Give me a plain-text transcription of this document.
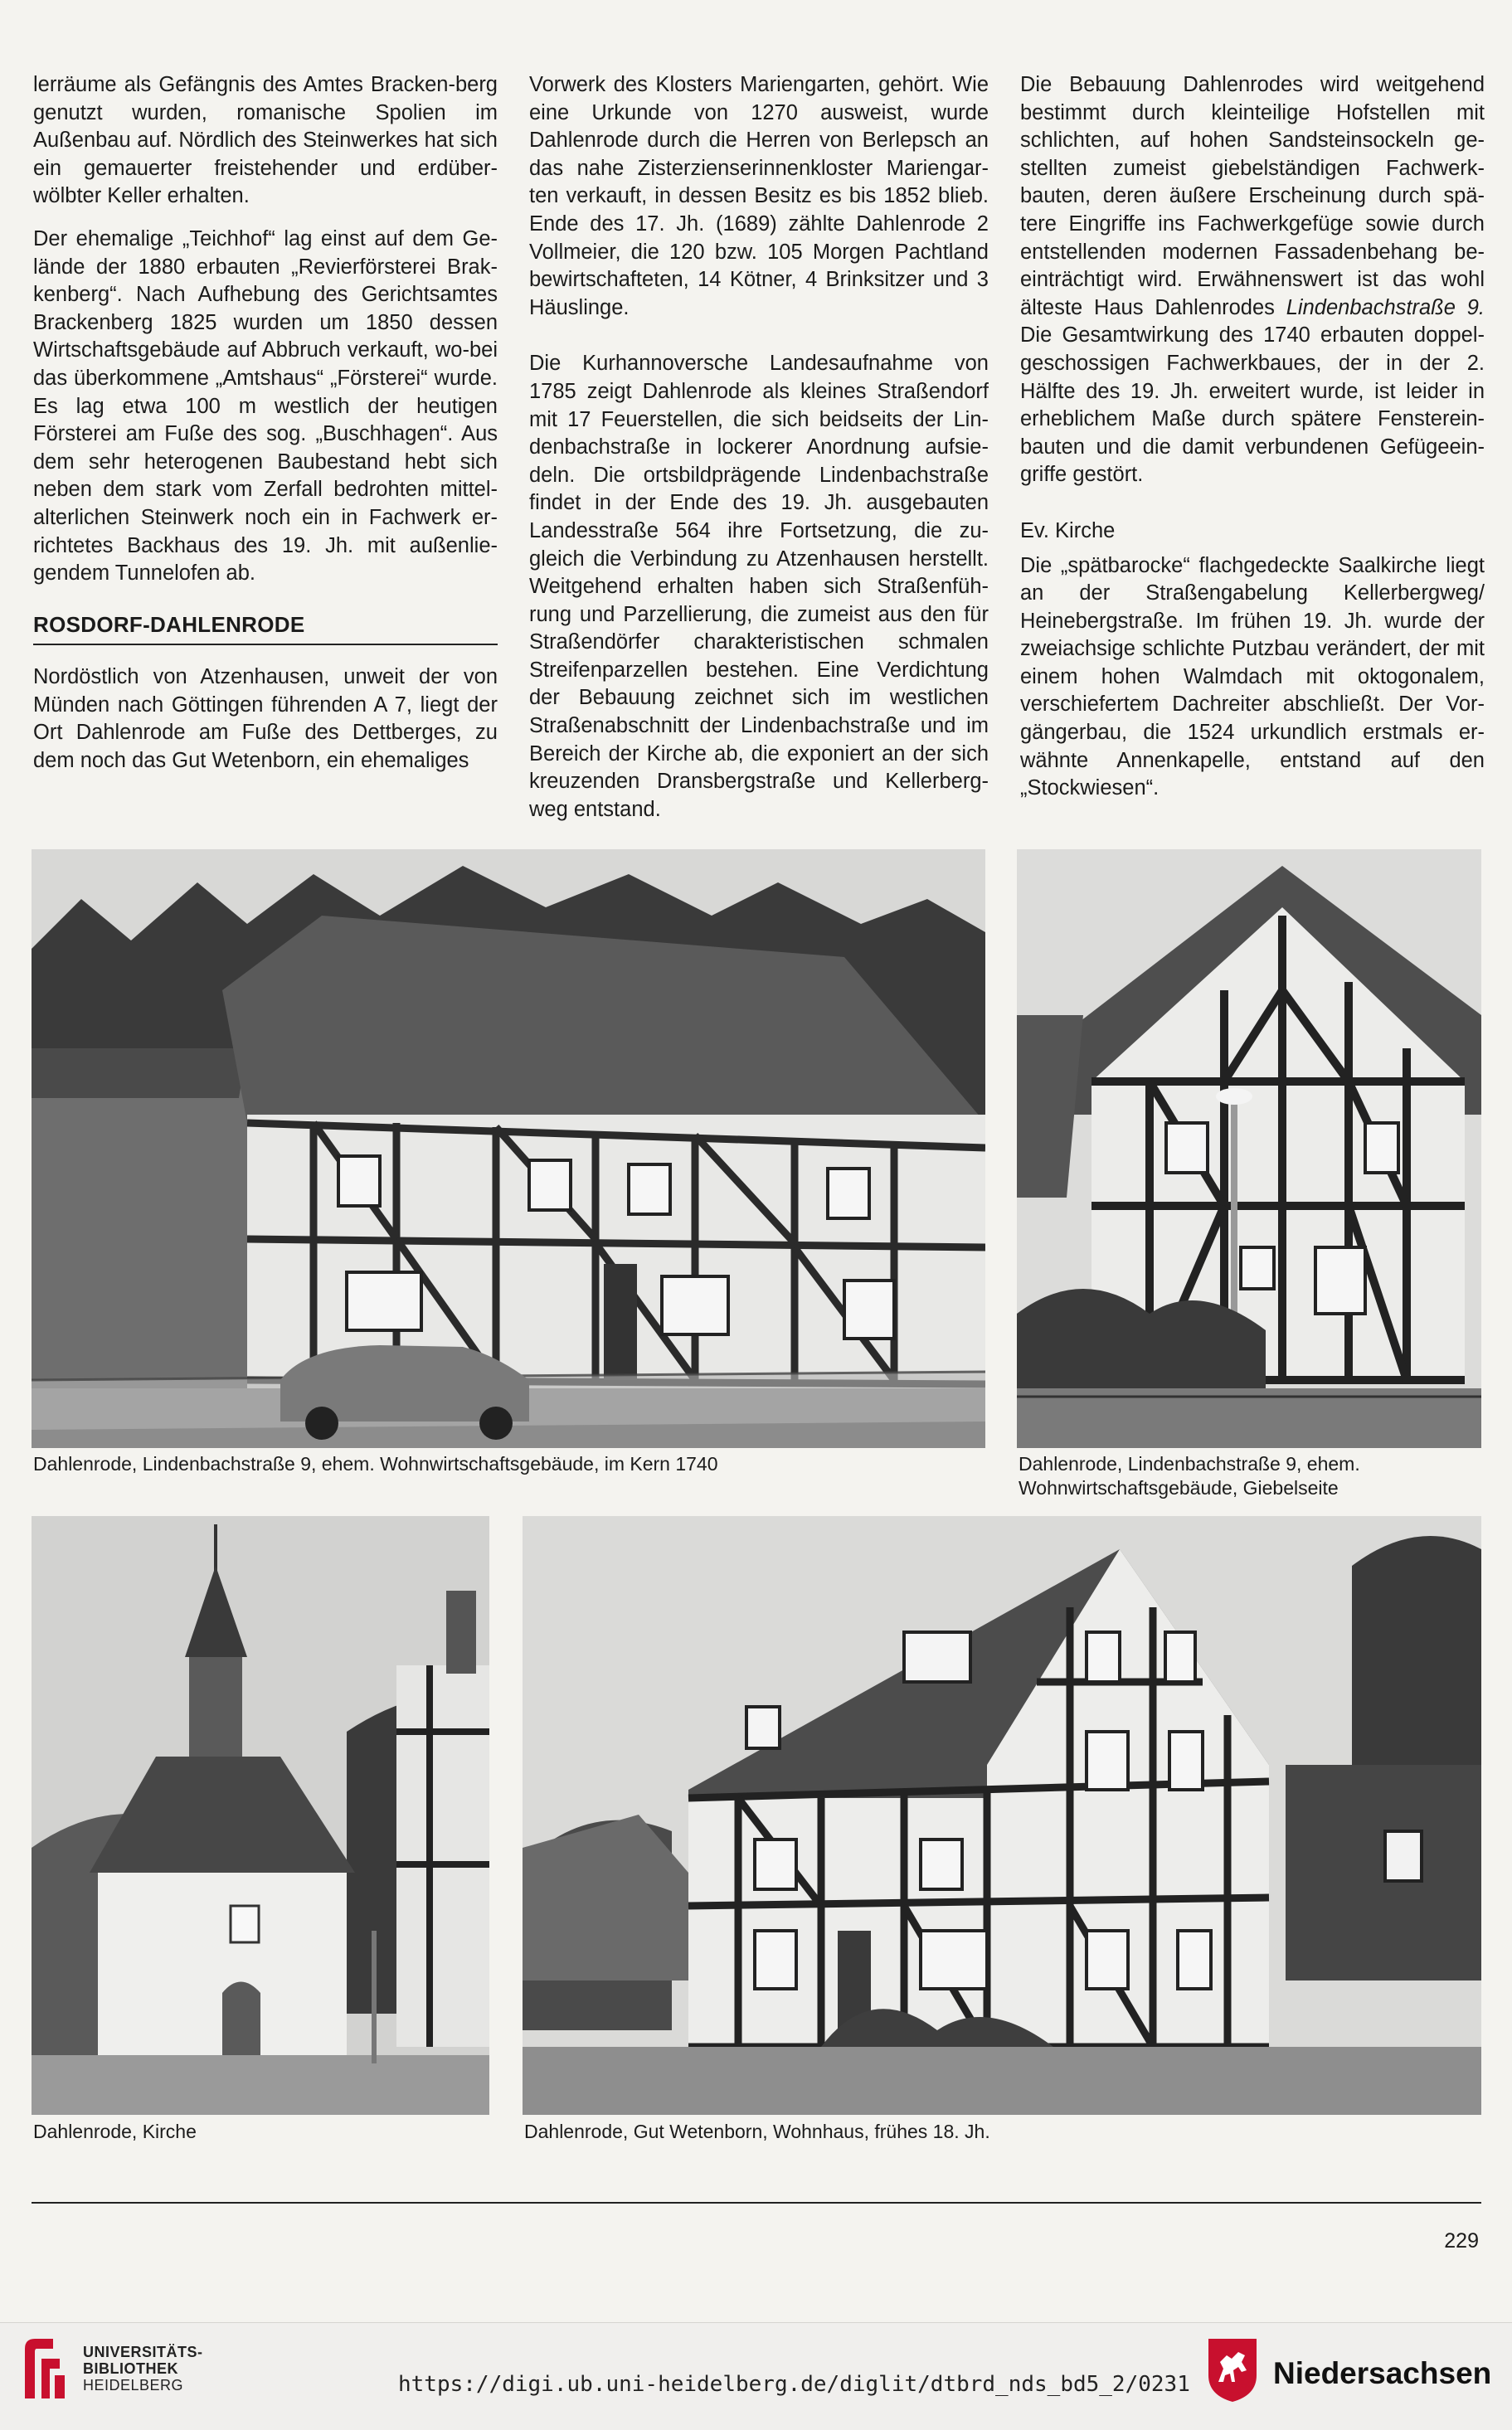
lerräume als Gefängnis des Amtes Bracken-berg genutzt wurden, romanische Spolien im Außenbau auf. Nördlich des Steinwerkes hat sich ein gemauerter freistehender und erdüber-wölbter Keller erhalten.

Der ehemalige „Teichhof“ lag einst auf dem Ge-lände der 1880 erbauten „Revierförsterei Brak-kenberg“. Nach Aufhebung des Gerichtsamtes Brackenberg 1825 wurden um 1850 dessen Wirtschaftsgebäude auf Abbruch verkauft, wo-bei das überkommene „Amtshaus“ „Försterei“ wurde. Es lag etwa 100 m westlich der heutigen Försterei am Fuße des sog. „Buschhagen“. Aus dem sehr heterogenen Baubestand hebt sich neben dem stark vom Zerfall bedrohten mittel-alterlichen Steinwerk noch ein in Fachwerk er-richtetes Backhaus des 19. Jh. mit außenlie-gendem Tunnelofen ab.

ROSDORF-DAHLENRODE

Nordöstlich von Atzenhausen, unweit der von Münden nach Göttingen führenden A 7, liegt der Ort Dahlenrode am Fuße des Dettberges, zu dem noch das Gut Wetenborn, ein ehemaliges

Vorwerk des Klosters Mariengarten, gehört. Wie eine Urkunde von 1270 ausweist, wurde Dahlenrode durch die Herren von Berlepsch an das nahe Zisterzienserinnenkloster Mariengar-ten verkauft, in dessen Besitz es bis 1852 blieb. Ende des 17. Jh. (1689) zählte Dahlenrode 2 Vollmeier, die 120 bzw. 105 Morgen Pachtland bewirtschafteten, 14 Kötner, 4 Brinksitzer und 3 Häuslinge.

Die Kurhannoversche Landesaufnahme von 1785 zeigt Dahlenrode als kleines Straßendorf mit 17 Feuerstellen, die sich beidseits der Lin-denbachstraße in lockerer Anordnung aufsie-deln. Die ortsbildprägende Lindenbachstraße findet in der Ende des 19. Jh. ausgebauten Landesstraße 564 ihre Fortsetzung, die zu-gleich die Verbindung zu Atzenhausen herstellt. Weitgehend erhalten haben sich Straßenfüh-rung und Parzellierung, die zumeist aus den für Straßendörfer charakteristischen schmalen Streifenparzellen bestehen. Eine Verdichtung der Bebauung zeichnet sich im westlichen Straßenabschnitt der Lindenbachstraße und im Bereich der Kirche ab, die exponiert an der sich kreuzenden Dransbergstraße und Kellerberg-weg entstand.

Die Bebauung Dahlenrodes wird weitgehend bestimmt durch kleinteilige Hofstellen mit schlichten, auf hohen Sandsteinsockeln ge-stellten zumeist giebelständigen Fachwerk-bauten, deren äußere Erscheinung durch spä-tere Eingriffe ins Fachwerkgefüge sowie durch entstellenden modernen Fassadenbehang be-einträchtigt wird. Erwähnenswert ist das wohl älteste Haus Dahlenrodes Lindenbachstraße 9. Die Gesamtwirkung des 1740 erbauten doppel-geschossigen Fachwerkbaues, der in der 2. Hälfte des 19. Jh. erweitert wurde, ist leider in erheblichem Maße durch spätere Fensterein-bauten und die damit verbundenen Gefügeein-griffe gestört.

Ev. Kirche

Die „spätbarocke“ flachgedeckte Saalkirche liegt an der Straßengabelung Kellerbergweg/ Heinebergstraße. Im frühen 19. Jh. wurde der zweiachsige schlichte Putzbau verändert, der mit einem hohen Walmdach mit oktogonalem, verschiefertem Dachreiter abschließt. Der Vor-gängerbau, die 1524 urkundlich erstmals er-wähnte Annenkapelle, entstand auf den „Stockwiesen“.

Dahlenrode, Lindenbachstraße 9, ehem. Wohnwirtschaftsgebäude, im Kern 1740	Dahlenrode, Lindenbachstraße 9, ehem.
Wohnwirtschaftsgebäude, Giebelseite
Dahlenrode, Kirche	Dahlenrode, Gut Wetenborn, Wohnhaus, frühes 18. Jh.
229
UNIVERSITÄTS-
BIBLIOTHEK
HEIDELBERG	https://digi.ub.uni-heidelberg.de/diglit/dtbrd_nds_bd5_2/0231	Niedersachsen
